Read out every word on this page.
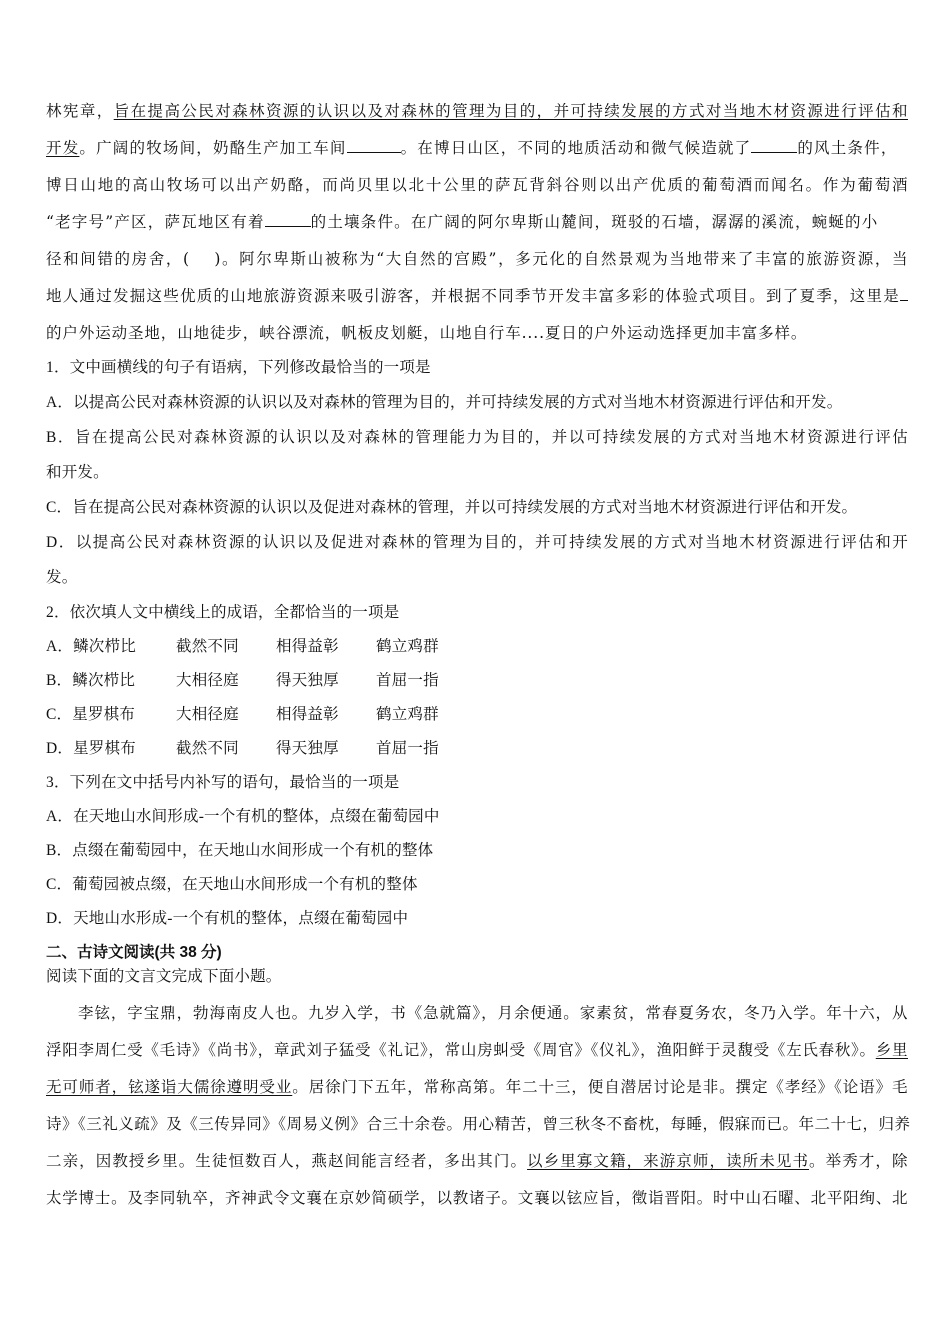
林宪章，旨在提高公民对森林资源的认识以及对森林的管理为目的，并可持续发展的方式对当地木材资源进行评估和
开发。广阔的牧场间，奶酪生产加工车间	。在博日山区，不同的地质活动和微气候造就了	的风土条件，
博日山地的高山牧场可以出产奶酪，而尚贝里以北十公里的萨瓦背斜谷则以出产优质的葡萄酒而闻名。作为葡萄酒
“老字号”产区，萨瓦地区有着	的土壤条件。在广阔的阿尔卑斯山麓间，斑驳的石墙，潺潺的溪流，蜿蜒的小
径和间错的房舍，(　 )。阿尔卑斯山被称为“大自然的宫殿”，多元化的自然景观为当地带来了丰富的旅游资源，当
地人通过发掘这些优质的山地旅游资源来吸引游客，并根据不同季节开发丰富多彩的体验式项目。到了夏季，这里是
的户外运动圣地，山地徒步，峡谷漂流，帆板皮划艇，山地自行车....夏日的户外运动选择更加丰富多样。
1．文中画横线的句子有语病，下列修改最恰当的一项是
A．以提高公民对森林资源的认识以及对森林的管理为目的，并可持续发展的方式对当地木材资源进行评估和开发。
B．旨在提高公民对森林资源的认识以及对森林的管理能力为目的，并以可持续发展的方式对当地木材资源进行评估
和开发。
C．旨在提高公民对森林资源的认识以及促进对森林的管理，并以可持续发展的方式对当地木材资源进行评估和开发。
D．以提高公民对森林资源的认识以及促进对森林的管理为目的，并可持续发展的方式对当地木材资源进行评估和开
发。
2．依次填人文中横线上的成语，全都恰当的一项是
A．鳞次栉比	截然不同 相得益彰 鹤立鸡群
B．鳞次栉比	大相径庭 得天独厚 首屈一指
C．星罗棋布	大相径庭 相得益彰 鹤立鸡群
D．星罗棋布	截然不同 得天独厚 首屈一指
3．下列在文中括号内补写的语句，最恰当的一项是
A．在天地山水间形成-一个有机的整体，点缀在葡萄园中
B．点缀在葡萄园中，在天地山水间形成一个有机的整体
C．葡萄园被点缀，在天地山水间形成一个有机的整体
D．天地山水形成-一个有机的整体，点缀在葡萄园中
二、古诗文阅读(共 38 分)
阅读下面的文言文完成下面小题。
李铉，字宝鼎，勃海南皮人也。九岁入学，书《急就篇》，月余便通。家素贫，常春夏务农，冬乃入学。年十六，从
浮阳李周仁受《毛诗》《尚书》，章武刘子猛受《礼记》，常山房虯受《周官》《仪礼》，渔阳鲜于灵馥受《左氏春秋》。乡里
无可师者，铉遂诣大儒徐遵明受业。居徐门下五年，常称高第。年二十三，便自潜居讨论是非。撰定《孝经》《论语》毛
诗》《三礼义疏》及《三传异同》《周易义例》合三十余卷。用心精苦，曾三秋冬不畜枕，每睡，假寐而已。年二十七，归养
二亲，因教授乡里。生徒恒数百人，燕赵间能言经者，多出其门。以乡里寡文籍，来游京师，读所未见书。举秀才，除
太学博士。及李同轨卒，齐神武令文襄在京妙简硕学，以教诸子。文襄以铉应旨，徵诣晋阳。时中山石曜、北平阳绚、北
